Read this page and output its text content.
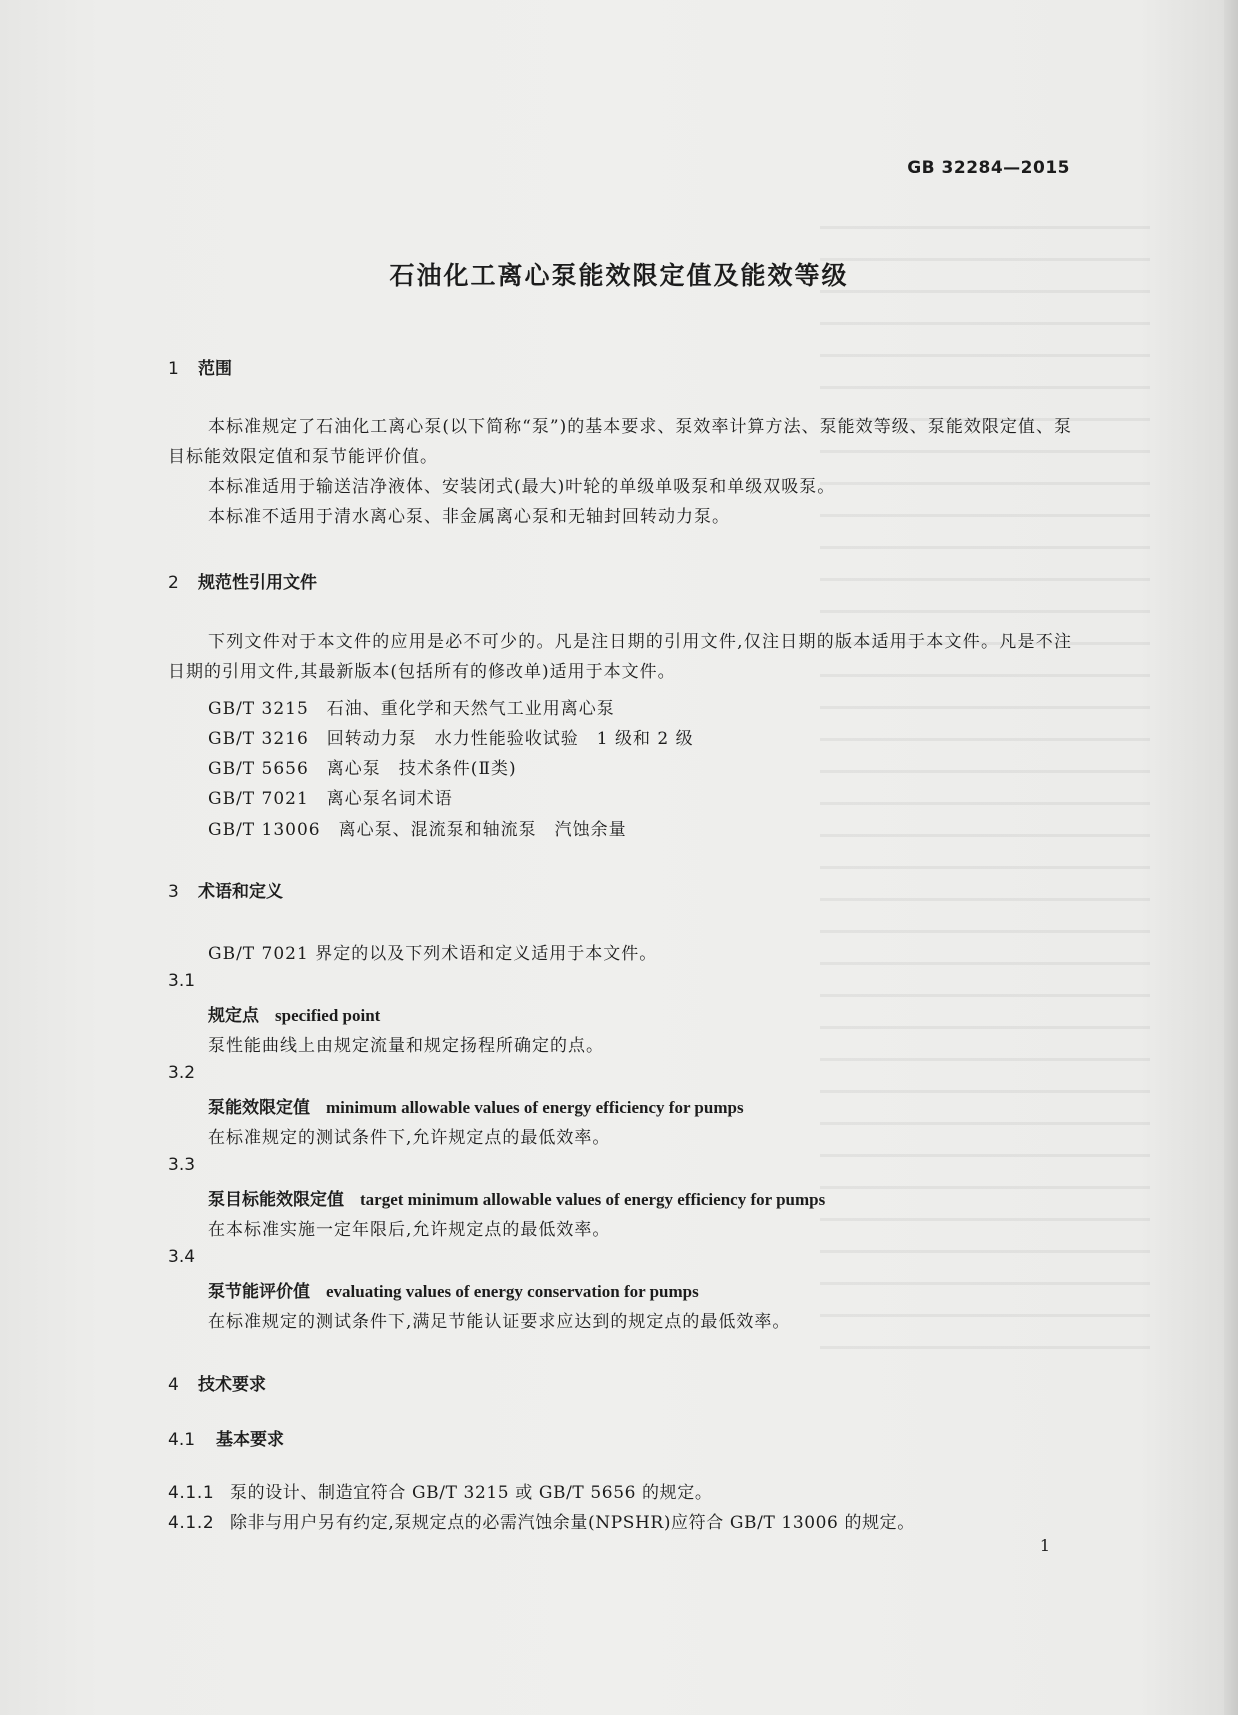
GB 32284—2015
石油化工离心泵能效限定值及能效等级
1 范围
本标准规定了石油化工离心泵(以下简称“泵”)的基本要求、泵效率计算方法、泵能效等级、泵能效限定值、泵目标能效限定值和泵节能评价值。
本标准适用于输送洁净液体、安装闭式(最大)叶轮的单级单吸泵和单级双吸泵。
本标准不适用于清水离心泵、非金属离心泵和无轴封回转动力泵。
2 规范性引用文件
下列文件对于本文件的应用是必不可少的。凡是注日期的引用文件,仅注日期的版本适用于本文件。凡是不注日期的引用文件,其最新版本(包括所有的修改单)适用于本文件。
GB/T 3215　石油、重化学和天然气工业用离心泵
GB/T 3216　回转动力泵　水力性能验收试验　1 级和 2 级
GB/T 5656　离心泵　技术条件(Ⅱ类)
GB/T 7021　离心泵名词术语
GB/T 13006　离心泵、混流泵和轴流泵　汽蚀余量
3 术语和定义
GB/T 7021 界定的以及下列术语和定义适用于本文件。
3.1
规定点 specified point
泵性能曲线上由规定流量和规定扬程所确定的点。
3.2
泵能效限定值 minimum allowable values of energy efficiency for pumps
在标准规定的测试条件下,允许规定点的最低效率。
3.3
泵目标能效限定值 target minimum allowable values of energy efficiency for pumps
在本标准实施一定年限后,允许规定点的最低效率。
3.4
泵节能评价值 evaluating values of energy conservation for pumps
在标准规定的测试条件下,满足节能认证要求应达到的规定点的最低效率。
4 技术要求
4.1 基本要求
4.1.1 泵的设计、制造宜符合 GB/T 3215 或 GB/T 5656 的规定。
4.1.2 除非与用户另有约定,泵规定点的必需汽蚀余量(NPSHR)应符合 GB/T 13006 的规定。
1
